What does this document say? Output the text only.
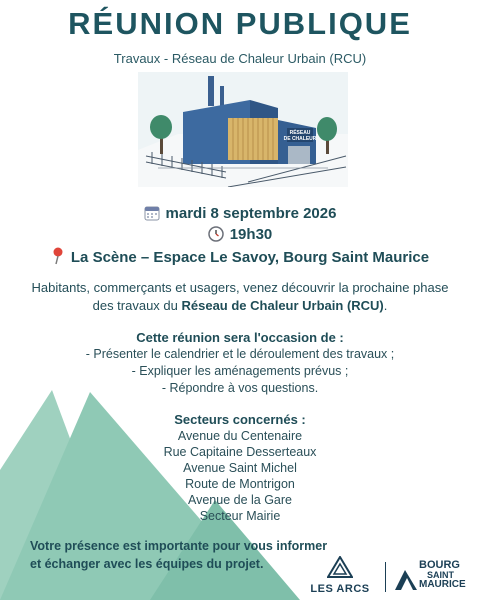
RÉUNION PUBLIQUE
Travaux - Réseau de Chaleur Urbain (RCU)
RÉSEAU
DE CHALEUR
mardi 8 septembre 2026
19h30
La Scène – Espace Le Savoy, Bourg Saint Maurice
Habitants, commerçants et usagers, venez découvrir la prochaine phase des travaux du Réseau de Chaleur Urbain (RCU).
Cette réunion sera l'occasion de :
- Présenter le calendrier et le déroulement des travaux ;
- Expliquer les aménagements prévus ;
- Répondre à vos questions.
Secteurs concernés :
Avenue du Centenaire
Rue Capitaine Desserteaux
Avenue Saint Michel
Route de Montrigon
Avenue de la Gare
Secteur Mairie
Votre présence est importante pour vous informer et échanger avec les équipes du projet.
LES ARCS
BOURG
SAINT
MAURICE
